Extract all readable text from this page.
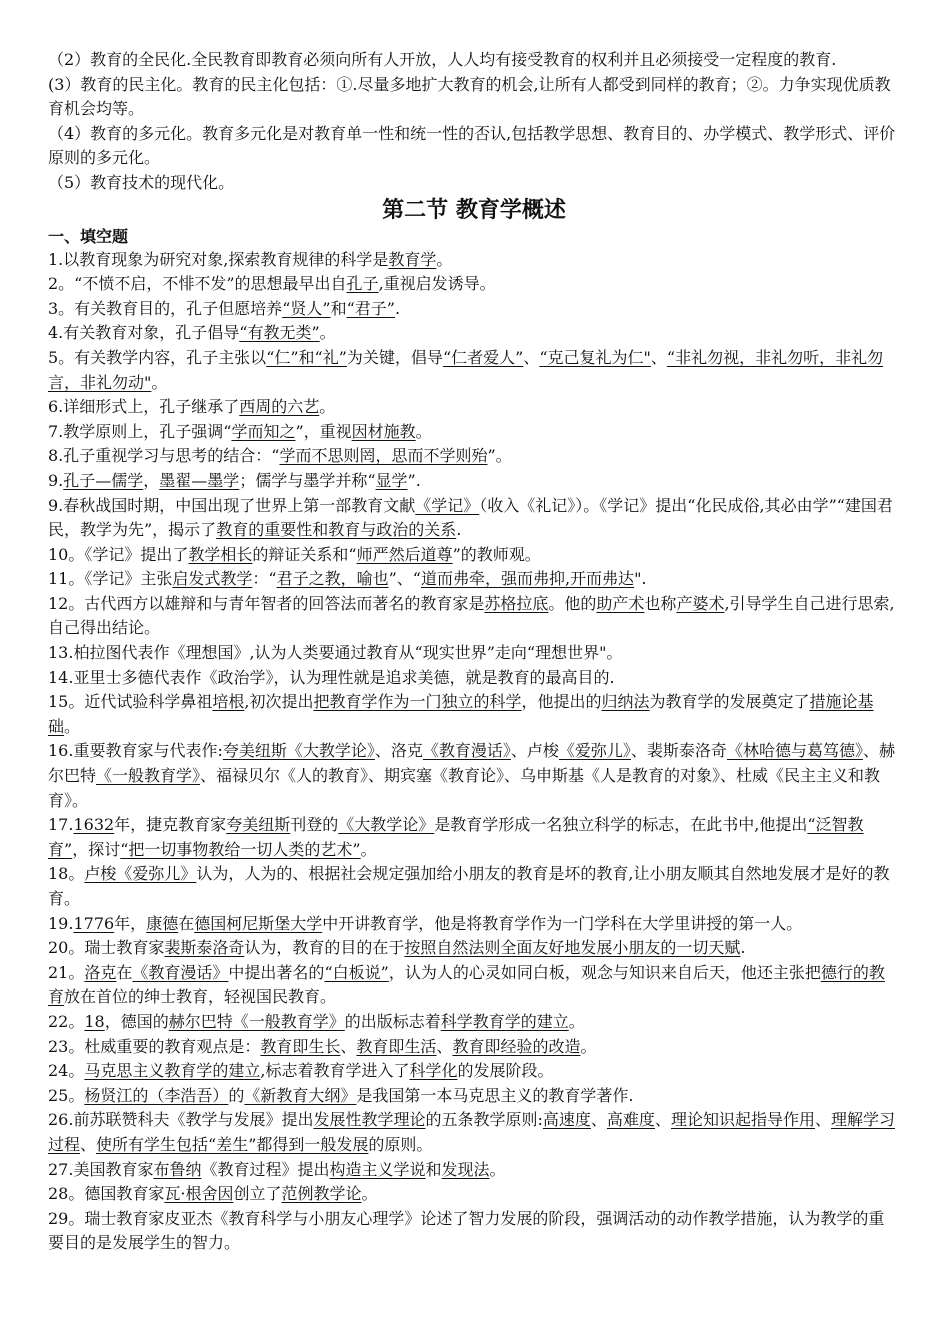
（2）教育的全民化.全民教育即教育必须向所有人开放，人人均有接受教育的权利并且必须接受一定程度的教育.

(3）教育的民主化。教育的民主化包括：①.尽量多地扩大教育的机会,让所有人都受到同样的教育；②。力争实现优质教育机会均等。

（4）教育的多元化。教育多元化是对教育单一性和统一性的否认,包括教学思想、教育目的、办学模式、教学形式、评价原则的多元化。

（5）教育技术的现代化。

第二节 教育学概述
一、填空题
1.以教育现象为研究对象,探索教育规律的科学是教育学。
2。“不愤不启，不悱不发”的思想最早出自孔子,重视启发诱导。
3。有关教育目的，孔子但愿培养“贤人”和“君子”.
4.有关教育对象，孔子倡导“有教无类”。
5。有关教学内容，孔子主张以“仁”和“礼”为关键，倡导“仁者爱人”、“克己复礼为仁"、“非礼勿视，非礼勿听，非礼勿言，非礼勿动"。
6.详细形式上，孔子继承了西周的六艺。
7.教学原则上，孔子强调“学而知之”，重视因材施教。
8.孔子重视学习与思考的结合：“学而不思则罔，思而不学则殆”。
9.孔子—儒学，墨翟—墨学；儒学与墨学并称“显学”.
9.春秋战国时期，中国出现了世界上第一部教育文献《学记》（收入《礼记》）。《学记》提出“化民成俗,其必由学”“建国君民，教学为先”，揭示了教育的重要性和教育与政治的关系.
10。《学记》提出了教学相长的辩证关系和“师严然后道尊”的教师观。
11。《学记》主张启发式教学：“君子之教，喻也”、“道而弗牵，强而弗抑,开而弗达".
12。古代西方以雄辩和与青年智者的回答法而著名的教育家是苏格拉底。他的助产术也称产婆术,引导学生自己进行思索,自己得出结论。
13.柏拉图代表作《理想国》,认为人类要通过教育从“现实世界”走向“理想世界"。
14.亚里士多德代表作《政治学》，认为理性就是追求美德，就是教育的最高目的.
15。近代试验科学鼻祖培根,初次提出把教育学作为一门独立的科学，他提出的归纳法为教育学的发展奠定了措施论基础。
16.重要教育家与代表作:夸美纽斯《大教学论》、洛克《教育漫话》、卢梭《爱弥儿》、裴斯泰洛奇《林哈德与葛笃德》、赫尔巴特《一般教育学》、福禄贝尔《人的教育》、期宾塞《教育论》、乌申斯基《人是教育的对象》、杜威《民主主义和教育》。
17.1632年，捷克教育家夸美纽斯刊登的《大教学论》是教育学形成一名独立科学的标志，在此书中,他提出“泛智教育”，探讨“把一切事物教给一切人类的艺术”。
18。卢梭《爱弥儿》认为，人为的、根据社会规定强加给小朋友的教育是坏的教育,让小朋友顺其自然地发展才是好的教育。
19.1776年，康德在德国柯尼斯堡大学中开讲教育学，他是将教育学作为一门学科在大学里讲授的第一人。
20。瑞士教育家裴斯泰洛奇认为，教育的目的在于按照自然法则全面友好地发展小朋友的一切天赋.
21。洛克在《教育漫话》中提出著名的“白板说”，认为人的心灵如同白板，观念与知识来自后天，他还主张把德行的教育放在首位的绅士教育，轻视国民教育。
22。18，德国的赫尔巴特《一般教育学》的出版标志着科学教育学的建立。
23。杜威重要的教育观点是：教育即生长、教育即生活、教育即经验的改造。
24。马克思主义教育学的建立,标志着教育学进入了科学化的发展阶段。
25。杨贤江的（李浩吾）的《新教育大纲》是我国第一本马克思主义的教育学著作.
26.前苏联赞科夫《教学与发展》提出发展性教学理论的五条教学原则:高速度、高难度、理论知识起指导作用、理解学习过程、使所有学生包括“差生”都得到一般发展的原则。
27.美国教育家布鲁纳《教育过程》提出构造主义学说和发现法。
28。德国教育家瓦·根舍因创立了范例教学论。
29。瑞士教育家皮亚杰《教育科学与小朋友心理学》论述了智力发展的阶段，强调活动的动作教学措施，认为教学的重要目的是发展学生的智力。
